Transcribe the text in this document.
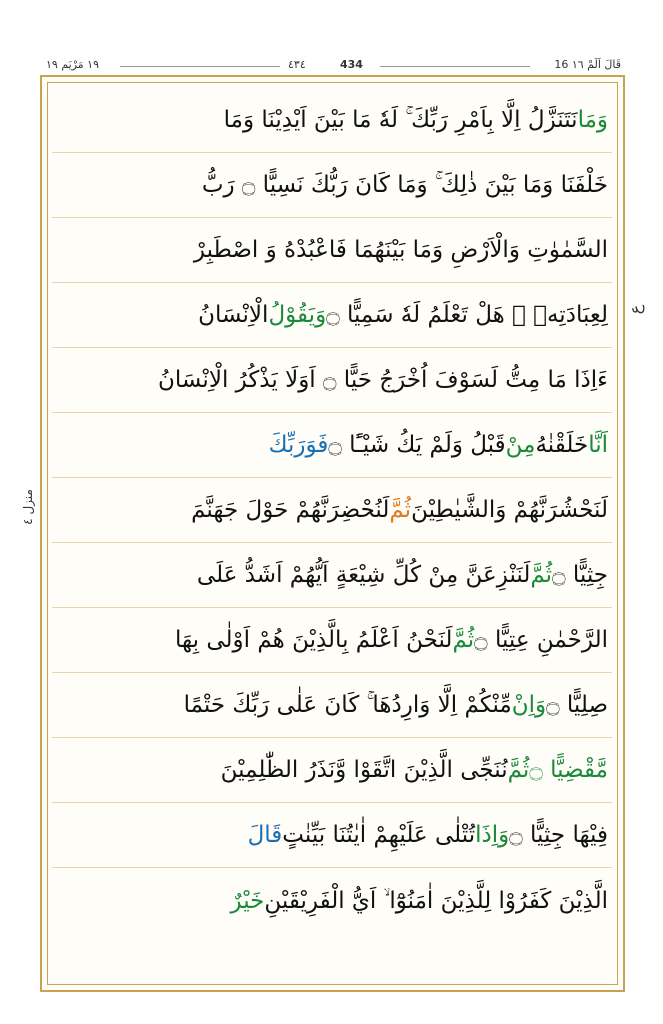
١٩ مَرْيَم ١٩	٤٣٤	434	16 قَالَ اَلَمْ ١٦
ع
منزل ٤
وَمَانَتَنَزَّلُ اِلَّا بِاَمْرِ رَبِّكَ ۚ لَهٗ مَا بَيْنَ اَيْدِيْنَا وَمَا
خَلْفَنَا وَمَا بَيْنَ ذٰلِكَ ۚ وَمَا كَانَ رَبُّكَ نَسِيًّا ۝ رَبُّ
السَّمٰوٰتِ وَالْاَرْضِ وَمَا بَيْنَهُمَا فَاعْبُدْهُ وَ اصْطَبِرْ
لِعِبَادَتِهٖ ۗ هَلْ تَعْلَمُ لَهٗ سَمِيًّا ۝وَيَقُوْلُالْاِنْسَانُ
ءَاِذَا مَا مِتُّ لَسَوْفَ اُخْرَجُ حَيًّا ۝ اَوَلَا يَذْكُرُ الْاِنْسَانُ
اَنَّاخَلَقْنٰهُمِنْقَبْلُ وَلَمْ يَكُ شَيْـًٔا ۝فَوَرَبِّكَ
لَنَحْشُرَنَّهُمْ وَالشَّيٰطِيْنَثُمَّلَنُحْضِرَنَّهُمْ حَوْلَ جَهَنَّمَ
جِثِيًّا ۝ثُمَّلَنَنْزِعَنَّ مِنْ كُلِّ شِيْعَةٍ اَيُّهُمْ اَشَدُّ عَلَى
الرَّحْمٰنِ عِتِيًّا ۝ثُمَّلَنَحْنُ اَعْلَمُ بِالَّذِيْنَ هُمْ اَوْلٰى بِهَا
صِلِيًّا ۝وَاِنْمِّنْكُمْ اِلَّا وَارِدُهَا ۚ كَانَ عَلٰى رَبِّكَ حَتْمًا
مَّقْضِيًّا ۝ثُمَّنُنَجِّى الَّذِيْنَ اتَّقَوْا وَّنَذَرُ الظّٰلِمِيْنَ
فِيْهَا جِثِيًّا ۝وَاِذَاتُتْلٰى عَلَيْهِمْ اٰيٰتُنَا بَيِّنٰتٍقَالَ
الَّذِيْنَ كَفَرُوْا لِلَّذِيْنَ اٰمَنُوْٓا ۙ اَيُّ الْفَرِيْقَيْنِخَيْرٌ
